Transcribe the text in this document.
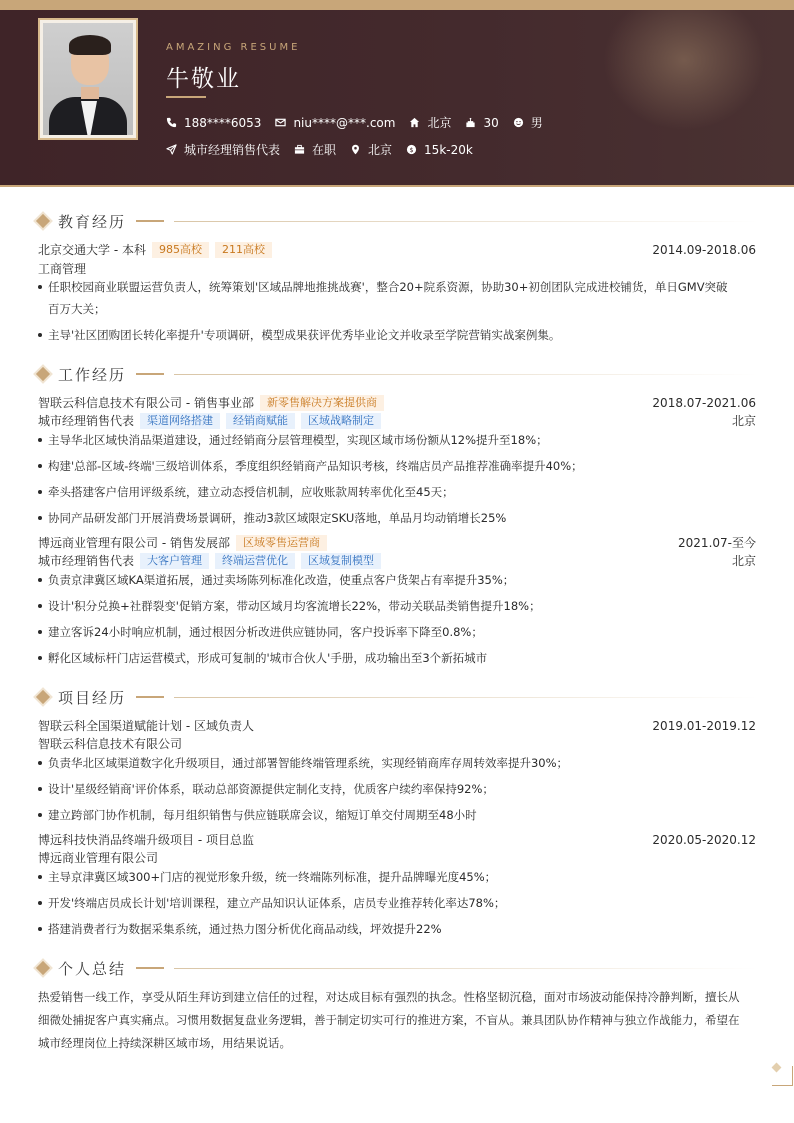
AMAZING RESUME
牛敬业
188****6053	niu****@***.com	北京	30	男
城市经理销售代表	在职	北京 $ 15k-20k
教育经历
北京交通大学 - 本科	985高校	211高校	2014.09-2018.06
工商管理
任职校园商业联盟运营负责人，统筹策划'区域品牌地推挑战赛'，整合20+院系资源，协助30+初创团队完成进校铺货，单日GMV突破
百万大关；
主导'社区团购团长转化率提升'专项调研，模型成果获评优秀毕业论文并收录至学院营销实战案例集。
工作经历
智联云科信息技术有限公司 - 销售事业部	新零售解决方案提供商	2018.07-2021.06
城市经理销售代表	渠道网络搭建	经销商赋能	区域战略制定	北京
主导华北区域快消品渠道建设，通过经销商分层管理模型，实现区域市场份额从12%提升至18%；
构建'总部-区域-终端'三级培训体系，季度组织经销商产品知识考核，终端店员产品推荐准确率提升40%；
牵头搭建客户信用评级系统，建立动态授信机制，应收账款周转率优化至45天；
协同产品研发部门开展消费场景调研，推动3款区域限定SKU落地，单品月均动销增长25%
博远商业管理有限公司 - 销售发展部	区域零售运营商	2021.07-至今
城市经理销售代表	大客户管理	终端运营优化	区域复制模型	北京
负责京津冀区域KA渠道拓展，通过卖场陈列标准化改造，使重点客户货架占有率提升35%；
设计'积分兑换+社群裂变'促销方案，带动区域月均客流增长22%，带动关联品类销售提升18%；
建立客诉24小时响应机制，通过根因分析改进供应链协同，客户投诉率下降至0.8%；
孵化区域标杆门店运营模式，形成可复制的'城市合伙人'手册，成功输出至3个新拓城市
项目经历
智联云科全国渠道赋能计划 - 区域负责人	2019.01-2019.12
智联云科信息技术有限公司
负责华北区域渠道数字化升级项目，通过部署智能终端管理系统，实现经销商库存周转效率提升30%；
设计'星级经销商'评价体系，联动总部资源提供定制化支持，优质客户续约率保持92%；
建立跨部门协作机制，每月组织销售与供应链联席会议，缩短订单交付周期至48小时
博远科技快消品终端升级项目 - 项目总监	2020.05-2020.12
博远商业管理有限公司
主导京津冀区域300+门店的视觉形象升级，统一终端陈列标准，提升品牌曝光度45%；
开发'终端店员成长计划'培训课程，建立产品知识认证体系，店员专业推荐转化率达78%；
搭建消费者行为数据采集系统，通过热力图分析优化商品动线，坪效提升22%
个人总结
热爱销售一线工作，享受从陌生拜访到建立信任的过程，对达成目标有强烈的执念。性格坚韧沉稳，面对市场波动能保持冷静判断，擅长从细微处捕捉客户真实痛点。习惯用数据复盘业务逻辑，善于制定切实可行的推进方案，不盲从。兼具团队协作精神与独立作战能力，希望在城市经理岗位上持续深耕区域市场，用结果说话。
